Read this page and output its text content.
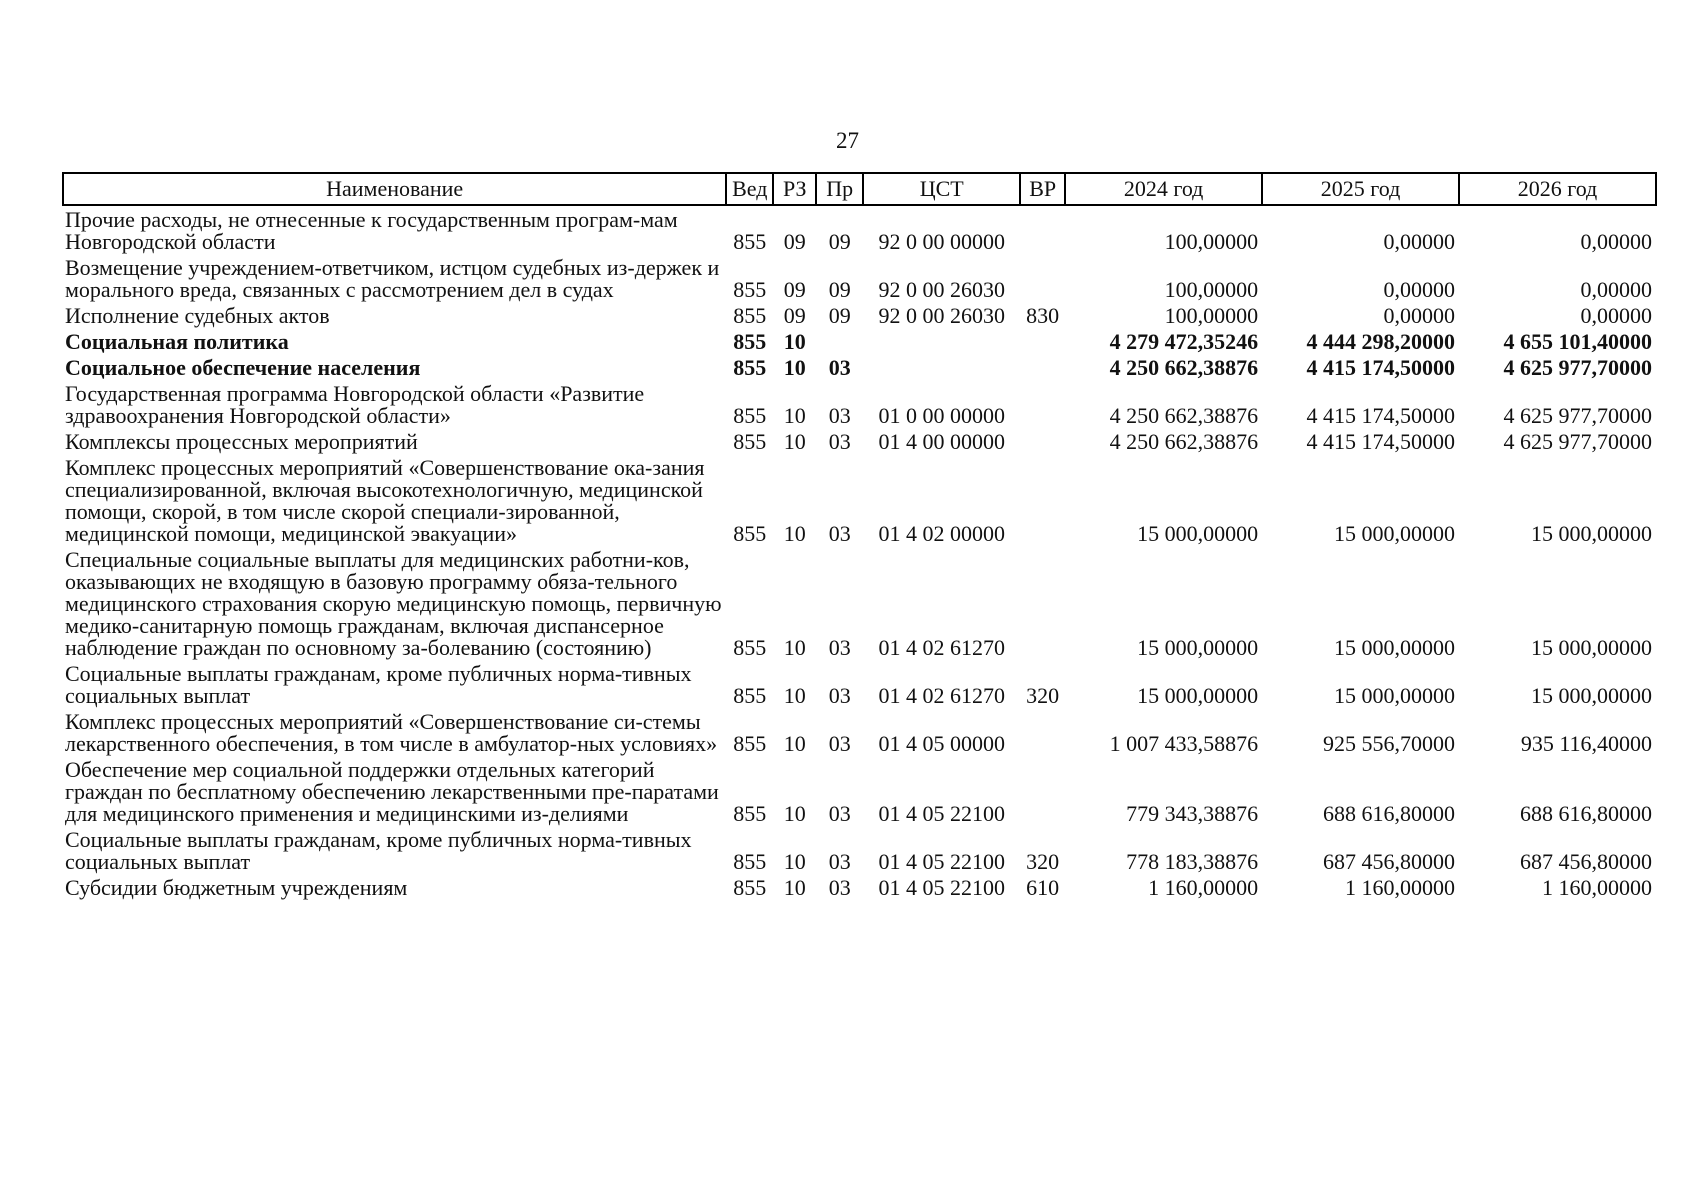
27
Наименование	Вед	РЗ	Пр	ЦСТ	ВР	2024 год	2025 год	2026 год
Прочие расходы, не отнесенные к государственным програм-мам Новгородской области	855	09	09	92 0 00 00000		100,00000	0,00000	0,00000
Возмещение учреждением-ответчиком, истцом судебных из-держек и морального вреда, связанных с рассмотрением дел в судах	855	09	09	92 0 00 26030		100,00000	0,00000	0,00000
Исполнение судебных актов	855	09	09	92 0 00 26030	830	100,00000	0,00000	0,00000
Социальная политика	855	10				4 279 472,35246	4 444 298,20000	4 655 101,40000
Социальное обеспечение населения	855	10	03			4 250 662,38876	4 415 174,50000	4 625 977,70000
Государственная программа Новгородской области «Развитие здравоохранения Новгородской области»	855	10	03	01 0 00 00000		4 250 662,38876	4 415 174,50000	4 625 977,70000
Комплексы процессных мероприятий	855	10	03	01 4 00 00000		4 250 662,38876	4 415 174,50000	4 625 977,70000
Комплекс процессных мероприятий «Совершенствование ока-зания специализированной, включая высокотехнологичную, медицинской помощи, скорой, в том числе скорой специали-зированной, медицинской помощи, медицинской эвакуации»	855	10	03	01 4 02 00000		15 000,00000	15 000,00000	15 000,00000
Специальные социальные выплаты для медицинских работни-ков, оказывающих не входящую в базовую программу обяза-тельного медицинского страхования скорую медицинскую помощь, первичную медико-санитарную помощь гражданам, включая диспансерное наблюдение граждан по основному за-болеванию (состоянию)	855	10	03	01 4 02 61270		15 000,00000	15 000,00000	15 000,00000
Социальные выплаты гражданам, кроме публичных норма-тивных социальных выплат	855	10	03	01 4 02 61270	320	15 000,00000	15 000,00000	15 000,00000
Комплекс процессных мероприятий «Совершенствование си-стемы лекарственного обеспечения, в том числе в амбулатор-ных условиях»	855	10	03	01 4 05 00000		1 007 433,58876	925 556,70000	935 116,40000
Обеспечение мер социальной поддержки отдельных категорий граждан по бесплатному обеспечению лекарственными пре-паратами для медицинского применения и медицинскими из-делиями	855	10	03	01 4 05 22100		779 343,38876	688 616,80000	688 616,80000
Социальные выплаты гражданам, кроме публичных норма-тивных социальных выплат	855	10	03	01 4 05 22100	320	778 183,38876	687 456,80000	687 456,80000
Субсидии бюджетным учреждениям	855	10	03	01 4 05 22100	610	1 160,00000	1 160,00000	1 160,00000
